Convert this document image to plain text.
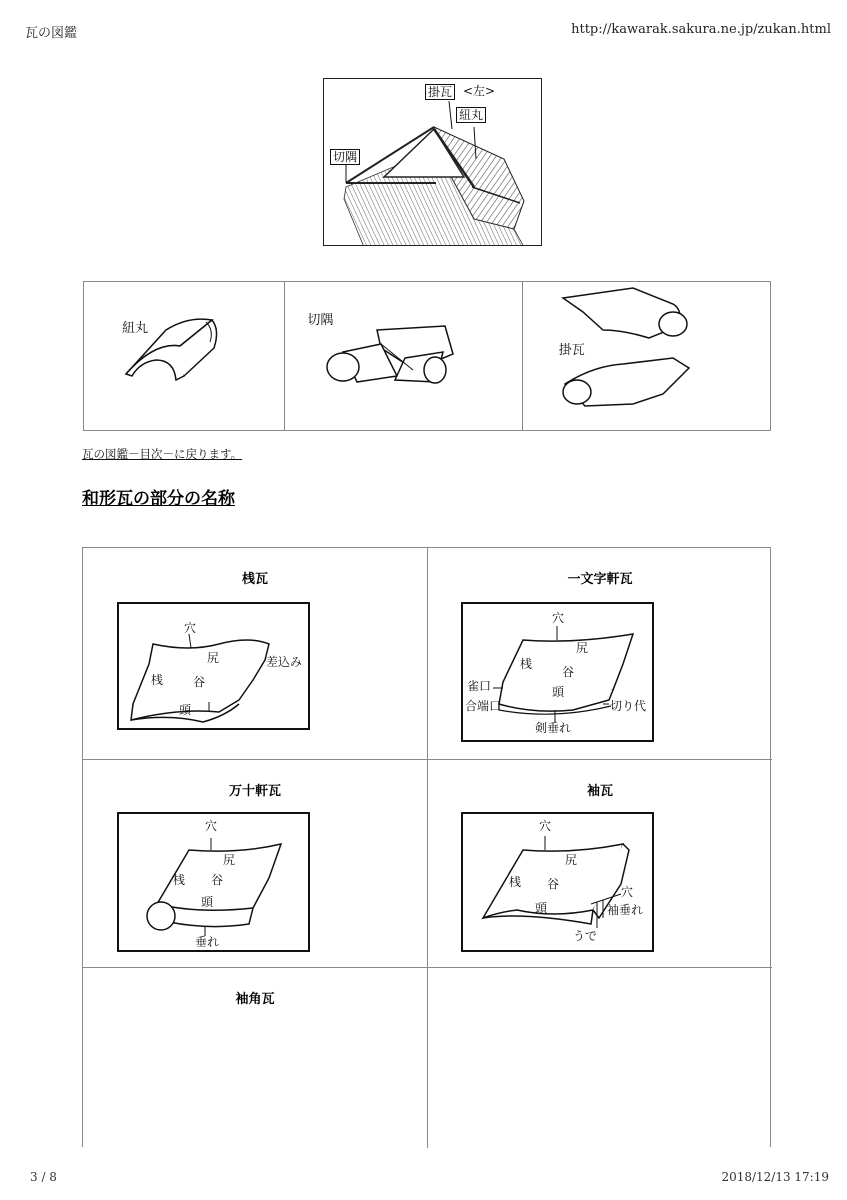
瓦の図鑑	http://kawarak.sakura.ne.jp/zukan.html
掛瓦 <左>
紐丸
切隅
紐丸
切隅
掛瓦
瓦の図鑑－目次－に戻ります。
和形瓦の部分の名称
桟瓦
穴
尻	差込み
桟 谷
頭
一文字軒瓦
穴
尻
桟
谷
雀口	頭
合端口	切り代
剣垂れ
万十軒瓦
穴
尻
桟 谷
頭
垂れ
袖瓦
穴
尻
桟 谷
穴
頭	袖垂れ
うで
袖角瓦
3 / 8	2018/12/13 17:19
